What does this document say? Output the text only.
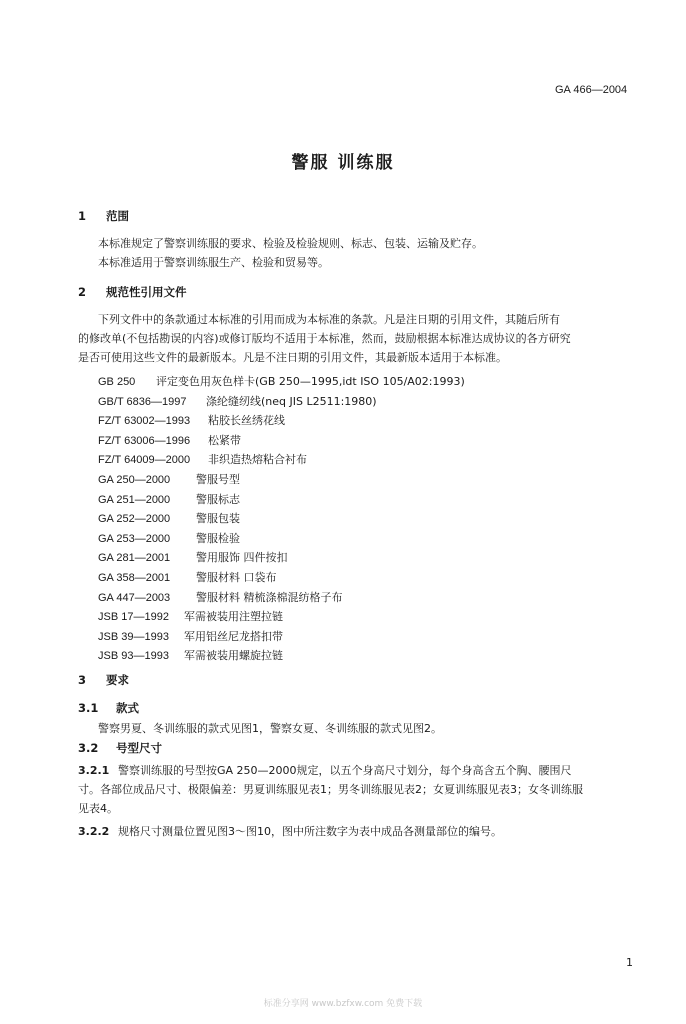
GA 466—2004
警服 训练服
1 范围
本标准规定了警察训练服的要求、检验及检验规则、标志、包装、运输及贮存。
本标准适用于警察训练服生产、检验和贸易等。
2 规范性引用文件
下列文件中的条款通过本标准的引用而成为本标准的条款。凡是注日期的引用文件，其随后所有
的修改单(不包括勘误的内容)或修订版均不适用于本标准，然而，鼓励根据本标准达成协议的各方研究
是否可使用这些文件的最新版本。凡是不注日期的引用文件，其最新版本适用于本标准。
GB 250 评定变色用灰色样卡(GB 250—1995,idt ISO 105/A02:1993)
GB/T 6836—1997 涤纶缝纫线(neq JIS L2511:1980)
FZ/T 63002—1993 粘胶长丝绣花线
FZ/T 63006—1996 松紧带
FZ/T 64009—2000 非织造热熔粘合衬布
GA 250—2000 警服号型
GA 251—2000 警服标志
GA 252—2000 警服包装
GA 253—2000 警服检验
GA 281—2001 警用服饰 四件按扣
GA 358—2001 警服材料 口袋布
GA 447—2003 警服材料 精梳涤棉混纺格子布
JSB 17—1992 军需被装用注塑拉链
JSB 39—1993 军用铝丝尼龙搭扣带
JSB 93—1993 军需被装用螺旋拉链
3 要求
3.1 款式
警察男夏、冬训练服的款式见图1，警察女夏、冬训练服的款式见图2。
3.2 号型尺寸
3.2.1 警察训练服的号型按GA 250—2000规定，以五个身高尺寸划分，每个身高含五个胸、腰围尺
寸。各部位成品尺寸、极限偏差：男夏训练服见表1；男冬训练服见表2；女夏训练服见表3；女冬训练服
见表4。
3.2.2 规格尺寸测量位置见图3～图10，图中所注数字为表中成品各测量部位的编号。
1
标准分享网 www.bzfxw.com 免费下载
